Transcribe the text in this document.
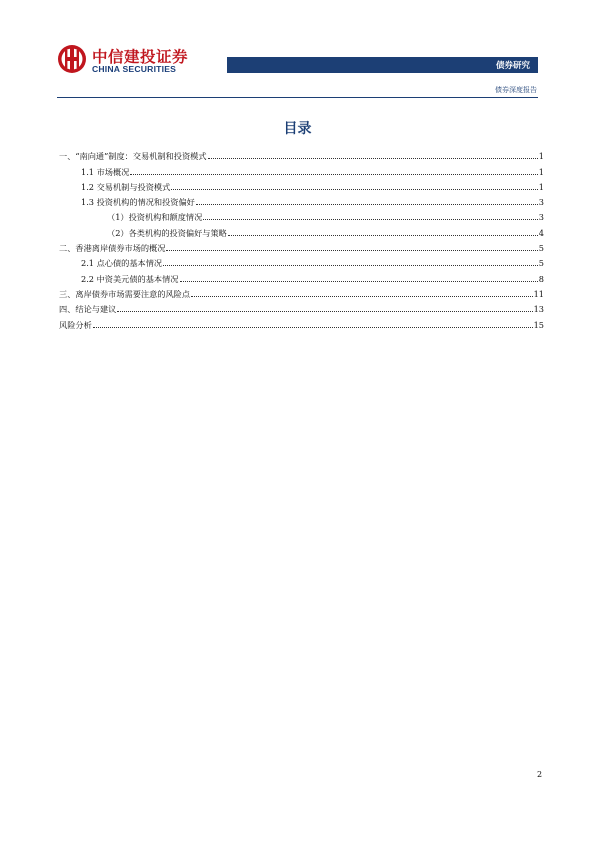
中信建投证券
CHINA SECURITIES	债券研究
债券深度报告
目录
一、“南向通”制度：交易机制和投资模式	1
1.1 市场概况	1
1.2 交易机制与投资模式	1
1.3 投资机构的情况和投资偏好	3
（1）投资机构和额度情况	3
（2）各类机构的投资偏好与策略	4
二、香港离岸债券市场的概况	5
2.1 点心债的基本情况	5
2.2 中资美元债的基本情况	8
三、离岸债券市场需要注意的风险点	11
四、结论与建议	13
风险分析	15
2
